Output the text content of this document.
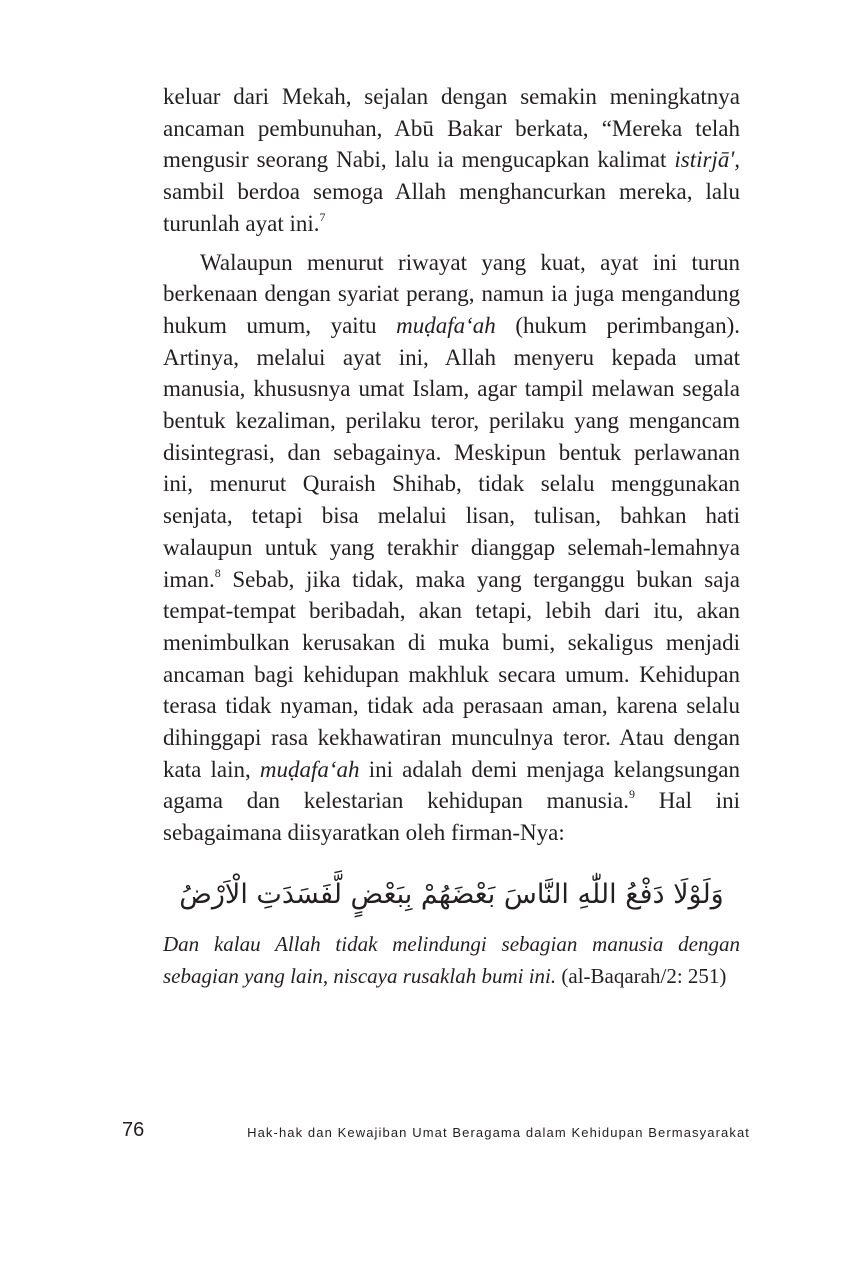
keluar dari Mekah, sejalan dengan semakin meningkatnya ancaman pembunuhan, Abū Bakar berkata, “Mereka telah mengusir seorang Nabi, lalu ia mengucapkan kalimat istirjā', sambil berdoa semoga Allah menghancurkan mereka, lalu turunlah ayat ini.$^7$

Walaupun menurut riwayat yang kuat, ayat ini turun berkenaan dengan syariat perang, namun ia juga mengandung hukum umum, yaitu muḍafa‘ah (hukum perimbangan). Artinya, melalui ayat ini, Allah menyeru kepada umat manusia, khususnya umat Islam, agar tampil melawan segala bentuk kezaliman, perilaku teror, perilaku yang mengancam disintegrasi, dan sebagainya. Meskipun bentuk perlawanan ini, menurut Quraish Shihab, tidak selalu menggunakan senjata, tetapi bisa melalui lisan, tulisan, bahkan hati walaupun untuk yang terakhir dianggap selemah-lemahnya iman.$^8$ Sebab, jika tidak, maka yang terganggu bukan saja tempat-tempat beribadah, akan tetapi, lebih dari itu, akan menimbulkan kerusakan di muka bumi, sekaligus menjadi ancaman bagi kehidupan makhluk secara umum. Kehidupan terasa tidak nyaman, tidak ada perasaan aman, karena selalu dihinggapi rasa kekhawatiran munculnya teror. Atau dengan kata lain, muḍafa‘ah ini adalah demi menjaga kelangsungan agama dan kelestarian kehidupan manusia.$^9$ Hal ini sebagaimana diisyaratkan oleh firman-Nya:

وَلَوْلَا دَفْعُ اللّٰهِ النَّاسَ بَعْضَهُمْ بِبَعْضٍ لَّفَسَدَتِ الْاَرْضُ
Dan kalau Allah tidak melindungi sebagian manusia dengan sebagian yang lain, niscaya rusaklah bumi ini. (al-Baqarah/2: 251)
76	Hak-hak dan Kewajiban Umat Beragama dalam Kehidupan Bermasyarakat
